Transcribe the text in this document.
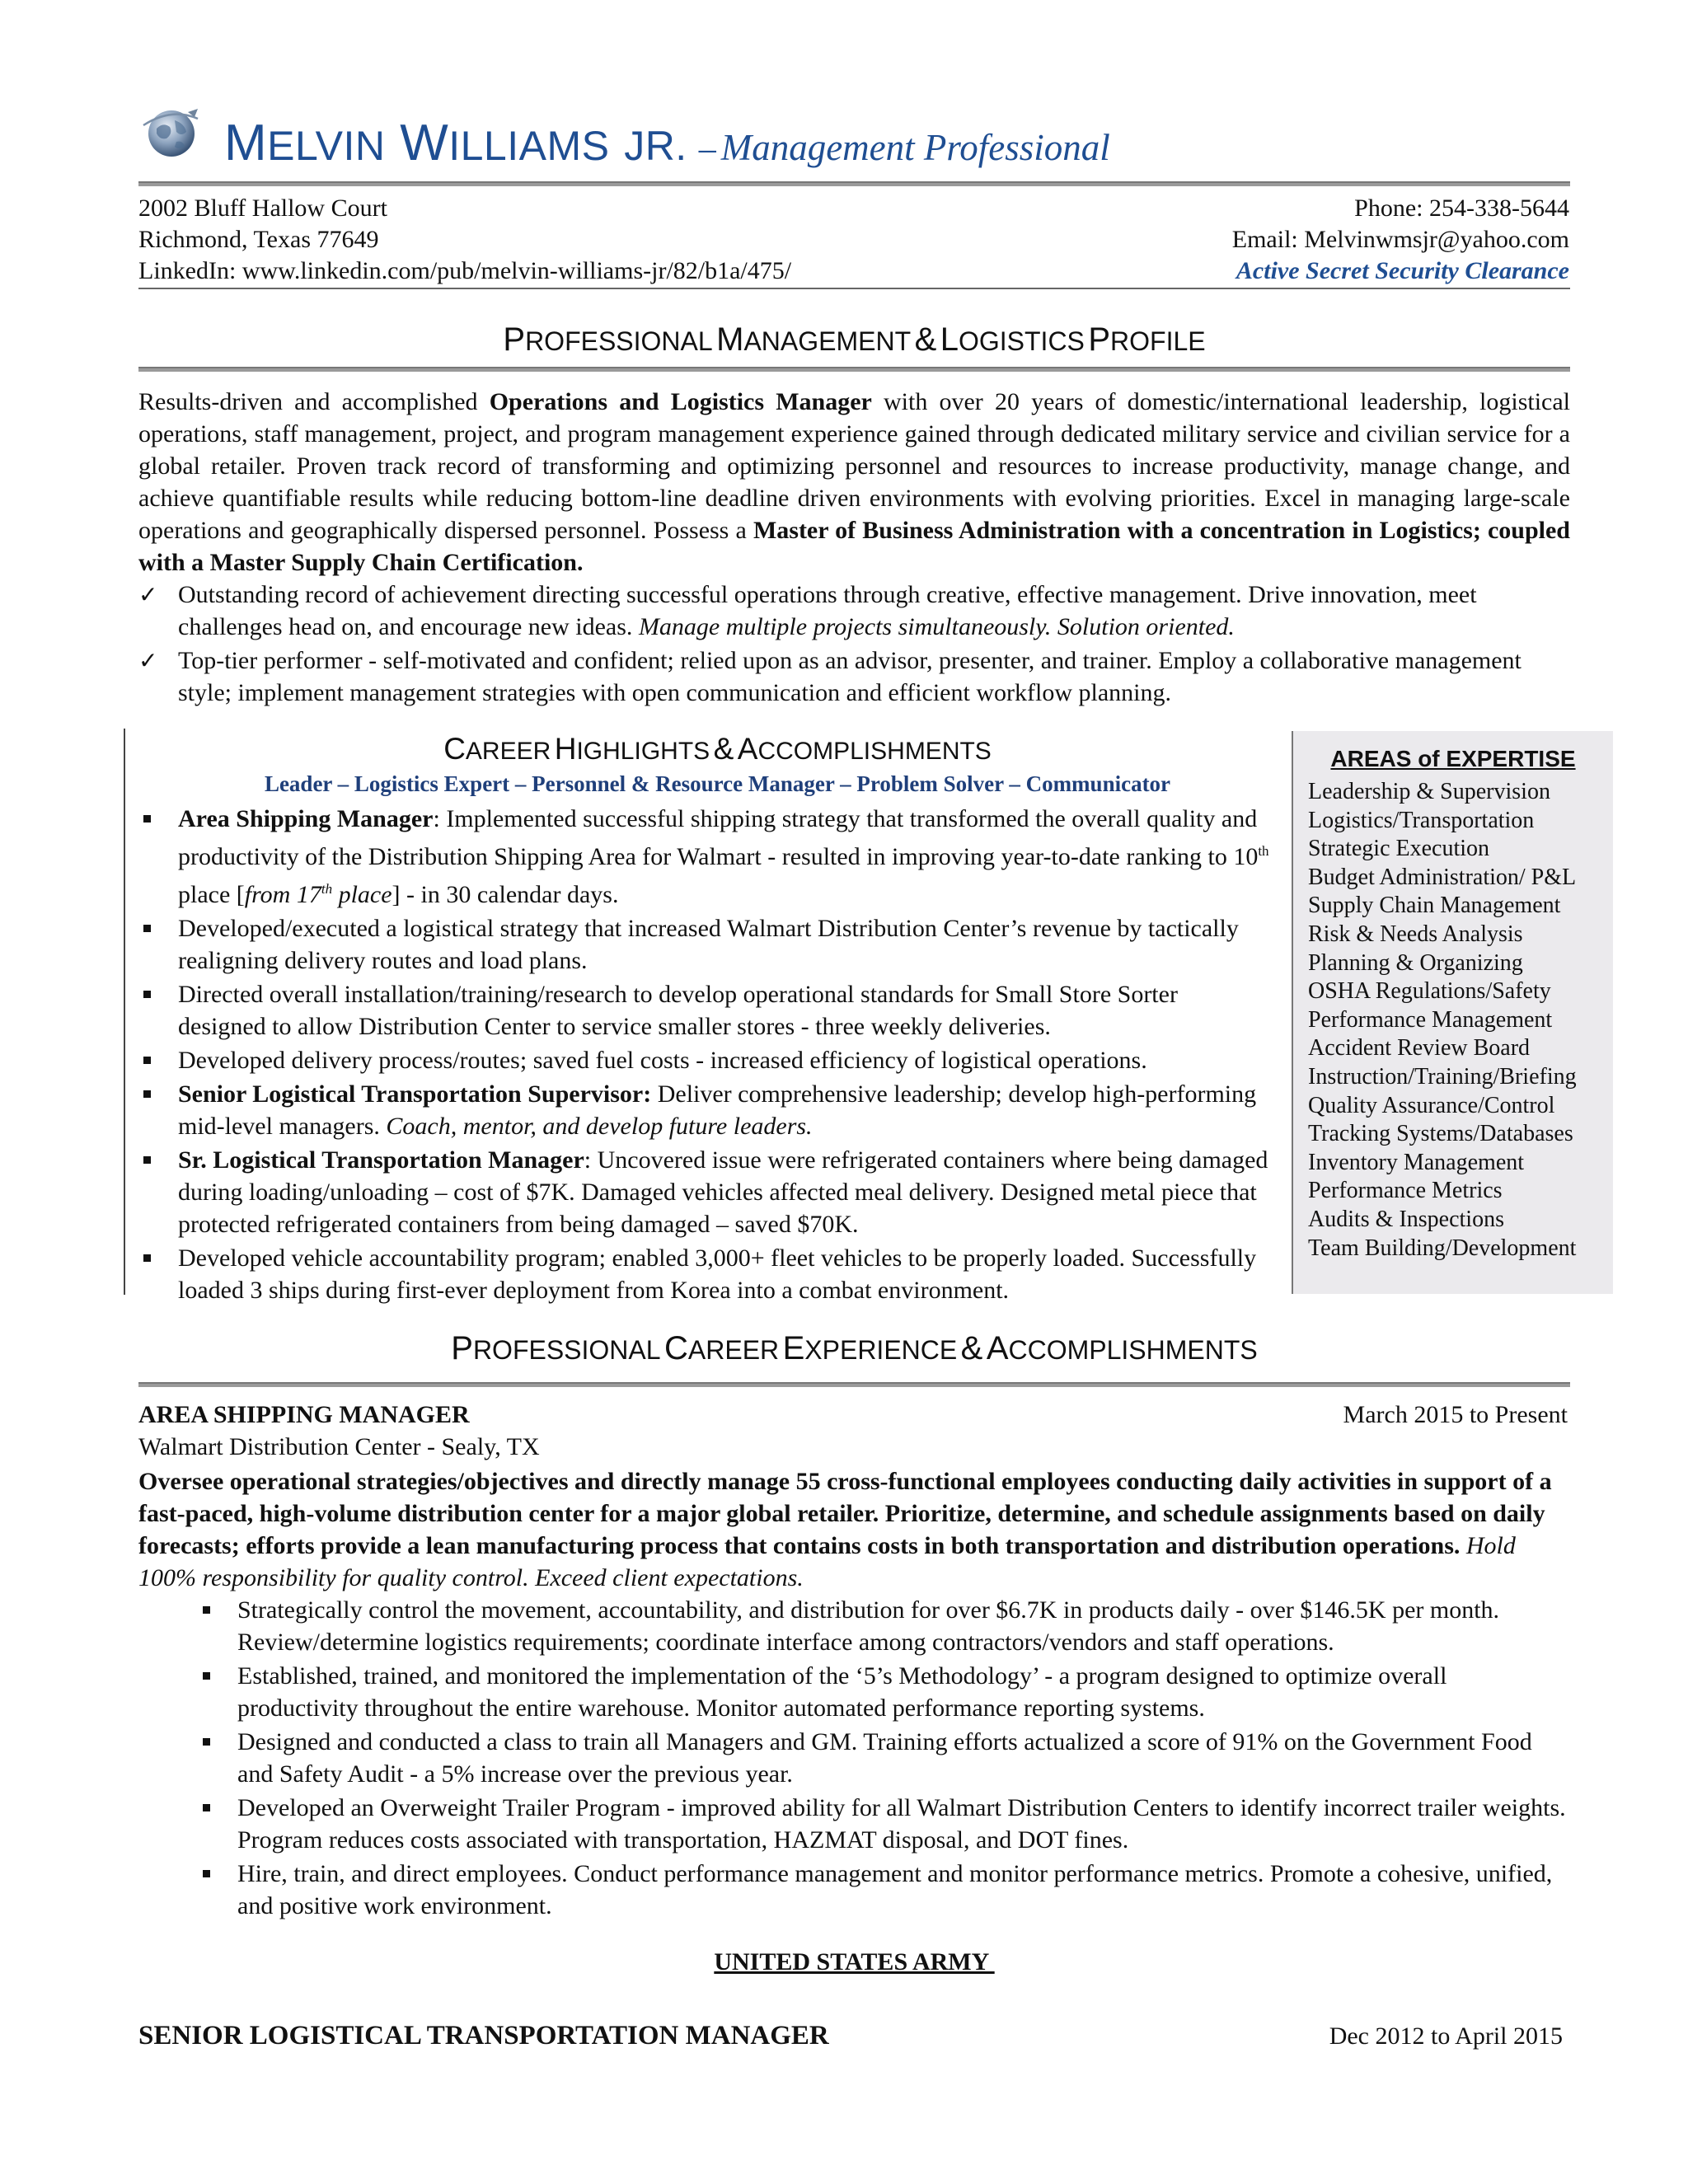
MELVIN WILLIAMS JR. – Management Professional
2002 Bluff Hallow Court
Richmond, Texas 77649
LinkedIn: www.linkedin.com/pub/melvin-williams-jr/82/b1a/475/
Phone: 254-338-5644
Email: Melvinwmsjr@yahoo.com
Active Secret Security Clearance
PROFESSIONAL MANAGEMENT & LOGISTICS PROFILE

Results-driven and accomplished Operations and Logistics Manager with over 20 years of domestic/international leadership, logistical operations, staff management, project, and program management experience gained through dedicated military service and civilian service for a global retailer. Proven track record of transforming and optimizing personnel and resources to increase productivity, manage change, and achieve quantifiable results while reducing bottom-line deadline driven environments with evolving priorities. Excel in managing large-scale operations and geographically dispersed personnel. Possess a Master of Business Administration with a concentration in Logistics; coupled with a Master Supply Chain Certification.

✓ Outstanding record of achievement directing successful operations through creative, effective management. Drive innovation, meet challenges head on, and encourage new ideas. Manage multiple projects simultaneously. Solution oriented.
✓ Top-tier performer - self-motivated and confident; relied upon as an advisor, presenter, and trainer. Employ a collaborative management style; implement management strategies with open communication and efficient workflow planning.
CAREER HIGHLIGHTS & ACCOMPLISHMENTS
Leader – Logistics Expert – Personnel & Resource Manager – Problem Solver – Communicator
Area Shipping Manager: Implemented successful shipping strategy that transformed the overall quality and productivity of the Distribution Shipping Area for Walmart - resulted in improving year-to-date ranking to 10th place [from 17th place] - in 30 calendar days.
Developed/executed a logistical strategy that increased Walmart Distribution Center’s revenue by tactically realigning delivery routes and load plans.
Directed overall installation/training/research to develop operational standards for Small Store Sorter designed to allow Distribution Center to service smaller stores - three weekly deliveries.
Developed delivery process/routes; saved fuel costs - increased efficiency of logistical operations.
Senior Logistical Transportation Supervisor: Deliver comprehensive leadership; develop high-performing mid-level managers. Coach, mentor, and develop future leaders.
Sr. Logistical Transportation Manager: Uncovered issue were refrigerated containers where being damaged during loading/unloading – cost of $7K. Damaged vehicles affected meal delivery. Designed metal piece that protected refrigerated containers from being damaged – saved $70K.
Developed vehicle accountability program; enabled 3,000+ fleet vehicles to be properly loaded. Successfully loaded 3 ships during first-ever deployment from Korea into a combat environment.
AREAS of EXPERTISE
Leadership & Supervision
Logistics/Transportation
Strategic Execution
Budget Administration/ P&L
Supply Chain Management
Risk & Needs Analysis
Planning & Organizing
OSHA Regulations/Safety
Performance Management
Accident Review Board
Instruction/Training/Briefing
Quality Assurance/Control
Tracking Systems/Databases
Inventory Management
Performance Metrics
Audits & Inspections
Team Building/Development
PROFESSIONAL CAREER EXPERIENCE & ACCOMPLISHMENTS
AREA SHIPPING MANAGER	March 2015 to Present
Walmart Distribution Center - Sealy, TX
Oversee operational strategies/objectives and directly manage 55 cross-functional employees conducting daily activities in support of a fast-paced, high-volume distribution center for a major global retailer. Prioritize, determine, and schedule assignments based on daily forecasts; efforts provide a lean manufacturing process that contains costs in both transportation and distribution operations. Hold 100% responsibility for quality control. Exceed client expectations.
Strategically control the movement, accountability, and distribution for over $6.7K in products daily - over $146.5K per month. Review/determine logistics requirements; coordinate interface among contractors/vendors and staff operations.
Established, trained, and monitored the implementation of the ‘5’s Methodology’ - a program designed to optimize overall productivity throughout the entire warehouse. Monitor automated performance reporting systems.
Designed and conducted a class to train all Managers and GM. Training efforts actualized a score of 91% on the Government Food and Safety Audit - a 5% increase over the previous year.
Developed an Overweight Trailer Program - improved ability for all Walmart Distribution Centers to identify incorrect trailer weights. Program reduces costs associated with transportation, HAZMAT disposal, and DOT fines.
Hire, train, and direct employees. Conduct performance management and monitor performance metrics. Promote a cohesive, unified, and positive work environment.
UNITED STATES ARMY
SENIOR LOGISTICAL TRANSPORTATION MANAGER	Dec 2012 to April 2015
